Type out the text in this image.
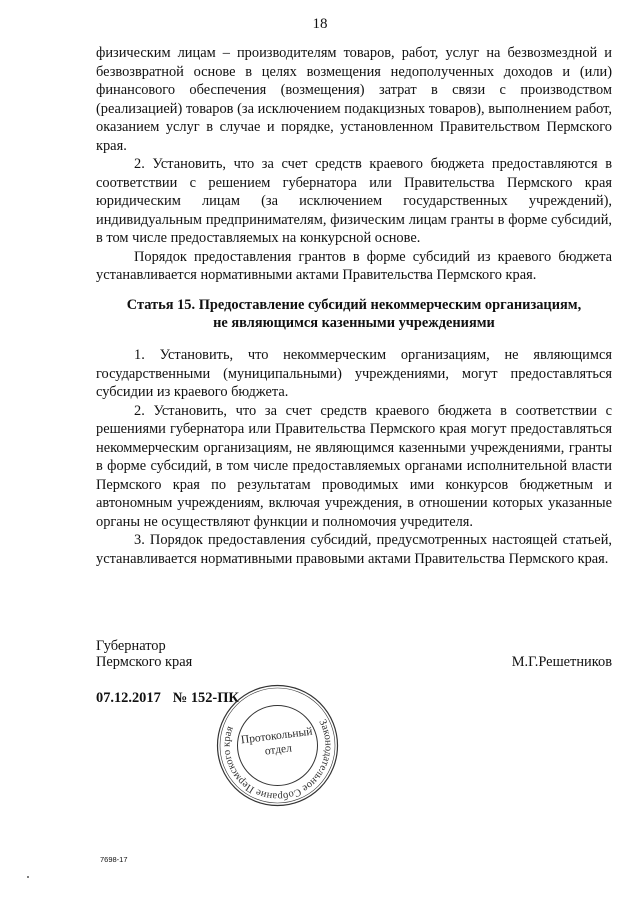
18

физическим лицам – производителям товаров, работ, услуг на безвозмездной и безвозвратной основе в целях возмещения недополученных доходов и (или) финансового обеспечения (возмещения) затрат в связи с производством (реализацией) товаров (за исключением подакцизных товаров), выполнением работ, оказанием услуг в случае и порядке, установленном Правительством Пермского края.

2. Установить, что за счет средств краевого бюджета предоставляются в соответствии с решением губернатора или Правительства Пермского края юридическим лицам (за исключением государственных учреждений), индивидуальным предпринимателям, физическим лицам гранты в форме субсидий, в том числе предоставляемых на конкурсной основе.

Порядок предоставления грантов в форме субсидий из краевого бюджета устанавливается нормативными актами Правительства Пермского края.

Статья 15. Предоставление субсидий некоммерческим организациям,
не являющимся казенными учреждениями

1. Установить, что некоммерческим организациям, не являющимся государственными (муниципальными) учреждениями, могут предоставляться субсидии из краевого бюджета.

2. Установить, что за счет средств краевого бюджета в соответствии с решениями губернатора или Правительства Пермского края могут предоставляться некоммерческим организациям, не являющимся казенными учреждениями, гранты в форме субсидий, в том числе предоставляемых органами исполнительной власти Пермского края по результатам проводимых ими конкурсов бюджетным и автономным учреждениям, включая учреждения, в отношении которых указанные органы не осуществляют функции и полномочия учредителя.

3. Порядок предоставления субсидий, предусмотренных настоящей статьей, устанавливается нормативными правовыми актами Правительства Пермского края.

Губернатор
Пермского края	М.Г.Решетников
07.12.2017 № 152-ПК
Законодательное Собрание Пермского края Протокольный
отдел
7698-17
